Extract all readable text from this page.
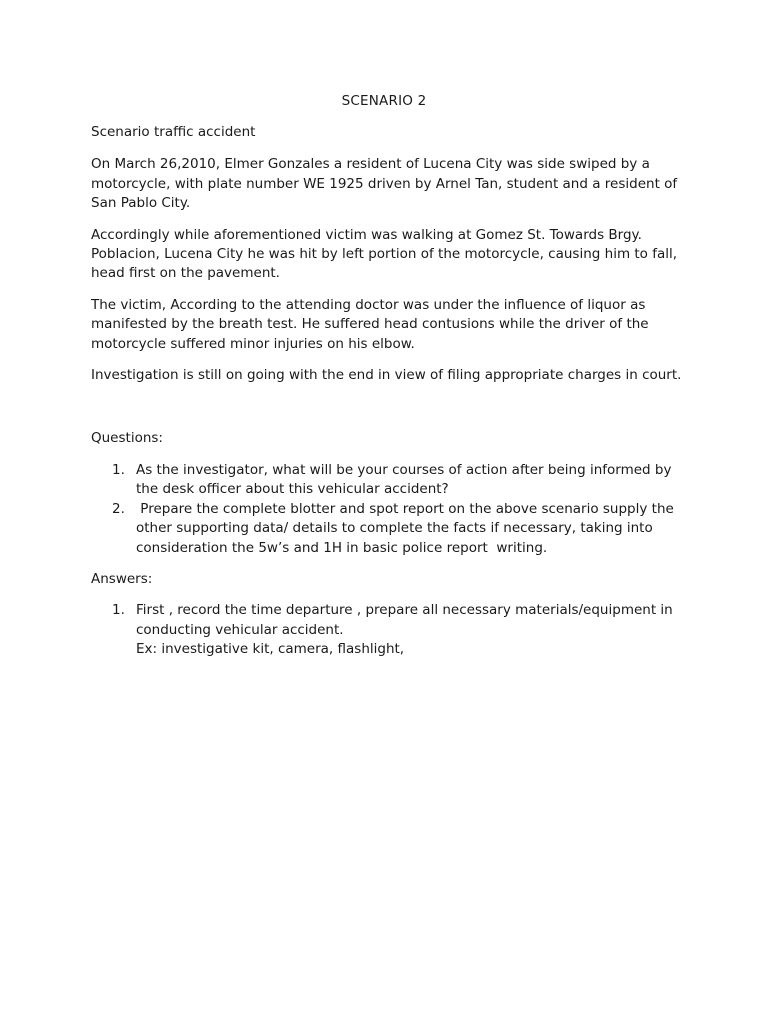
SCENARIO 2

Scenario traffic accident

On March 26,2010, Elmer Gonzales a resident of Lucena City was side swiped by a motorcycle, with plate number WE 1925 driven by Arnel Tan, student and a resident of San Pablo City.

Accordingly while aforementioned victim was walking at Gomez St. Towards Brgy. Poblacion, Lucena City he was hit by left portion of the motorcycle, causing him to fall, head first on the pavement.

The victim, According to the attending doctor was under the influence of liquor as manifested by the breath test. He suffered head contusions while the driver of the motorcycle suffered minor injuries on his elbow.

Investigation is still on going with the end in view of filing appropriate charges in court.

Questions:

1. As the investigator, what will be your courses of action after being informed by the desk officer about this vehicular accident?
2. Prepare the complete blotter and spot report on the above scenario supply the other supporting data/ details to complete the facts if necessary, taking into consideration the 5w’s and 1H in basic police report  writing.

Answers:

1. First , record the time departure , prepare all necessary materials/equipment in conducting vehicular accident.
Ex: investigative kit, camera, flashlight,
